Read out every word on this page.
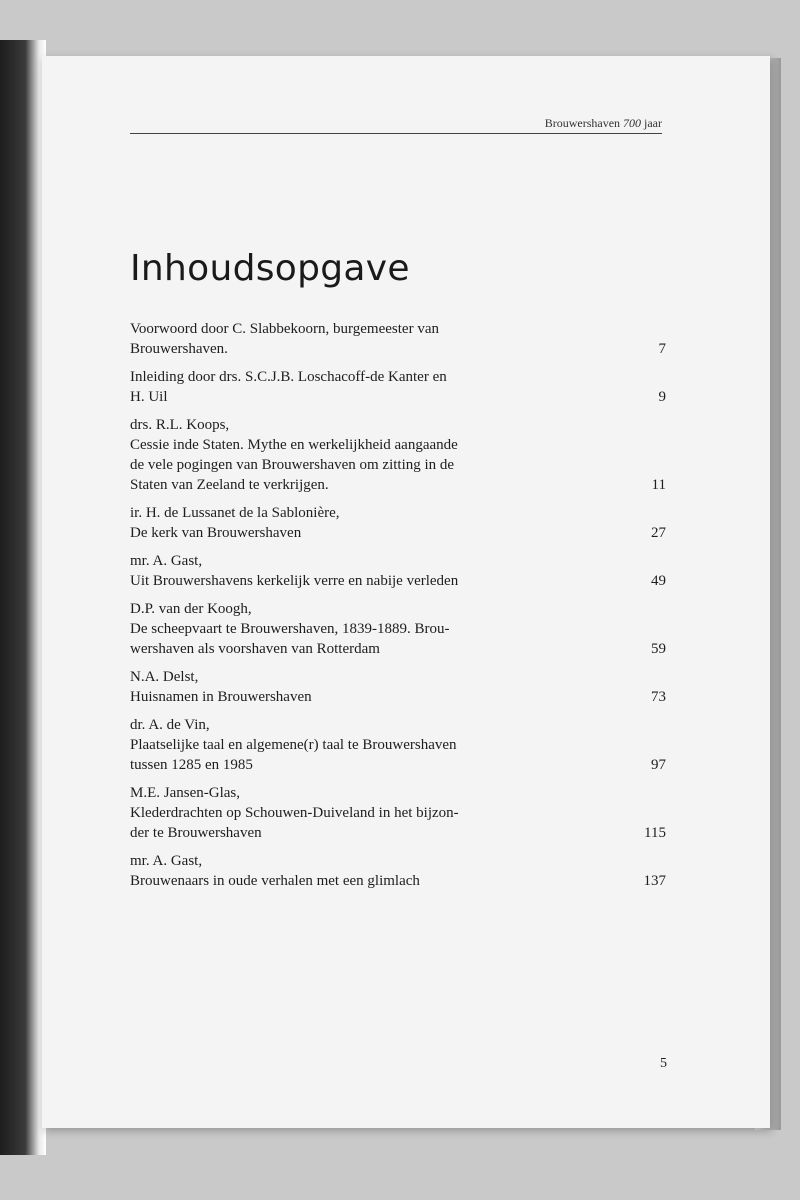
Brouwershaven 700 jaar
Inhoudsopgave
Voorwoord door C. Slabbekoorn, burgemeester van
Brouwershaven.	7
Inleiding door drs. S.C.J.B. Loschacoff-de Kanter en
H. Uil	9
drs. R.L. Koops,
Cessie inde Staten. Mythe en werkelijkheid aangaande
de vele pogingen van Brouwershaven om zitting in de
Staten van Zeeland te verkrijgen.	11
ir. H. de Lussanet de la Sablonière,
De kerk van Brouwershaven	27
mr. A. Gast,
Uit Brouwershavens kerkelijk verre en nabije verleden	49
D.P. van der Koogh,
De scheepvaart te Brouwershaven, 1839-1889. Brou-
wershaven als voorshaven van Rotterdam	59
N.A. Delst,
Huisnamen in Brouwershaven	73
dr. A. de Vin,
Plaatselijke taal en algemene(r) taal te Brouwershaven
tussen 1285 en 1985	97
M.E. Jansen-Glas,
Klederdrachten op Schouwen-Duiveland in het bijzon-
der te Brouwershaven	115
mr. A. Gast,
Brouwenaars in oude verhalen met een glimlach	137
5
